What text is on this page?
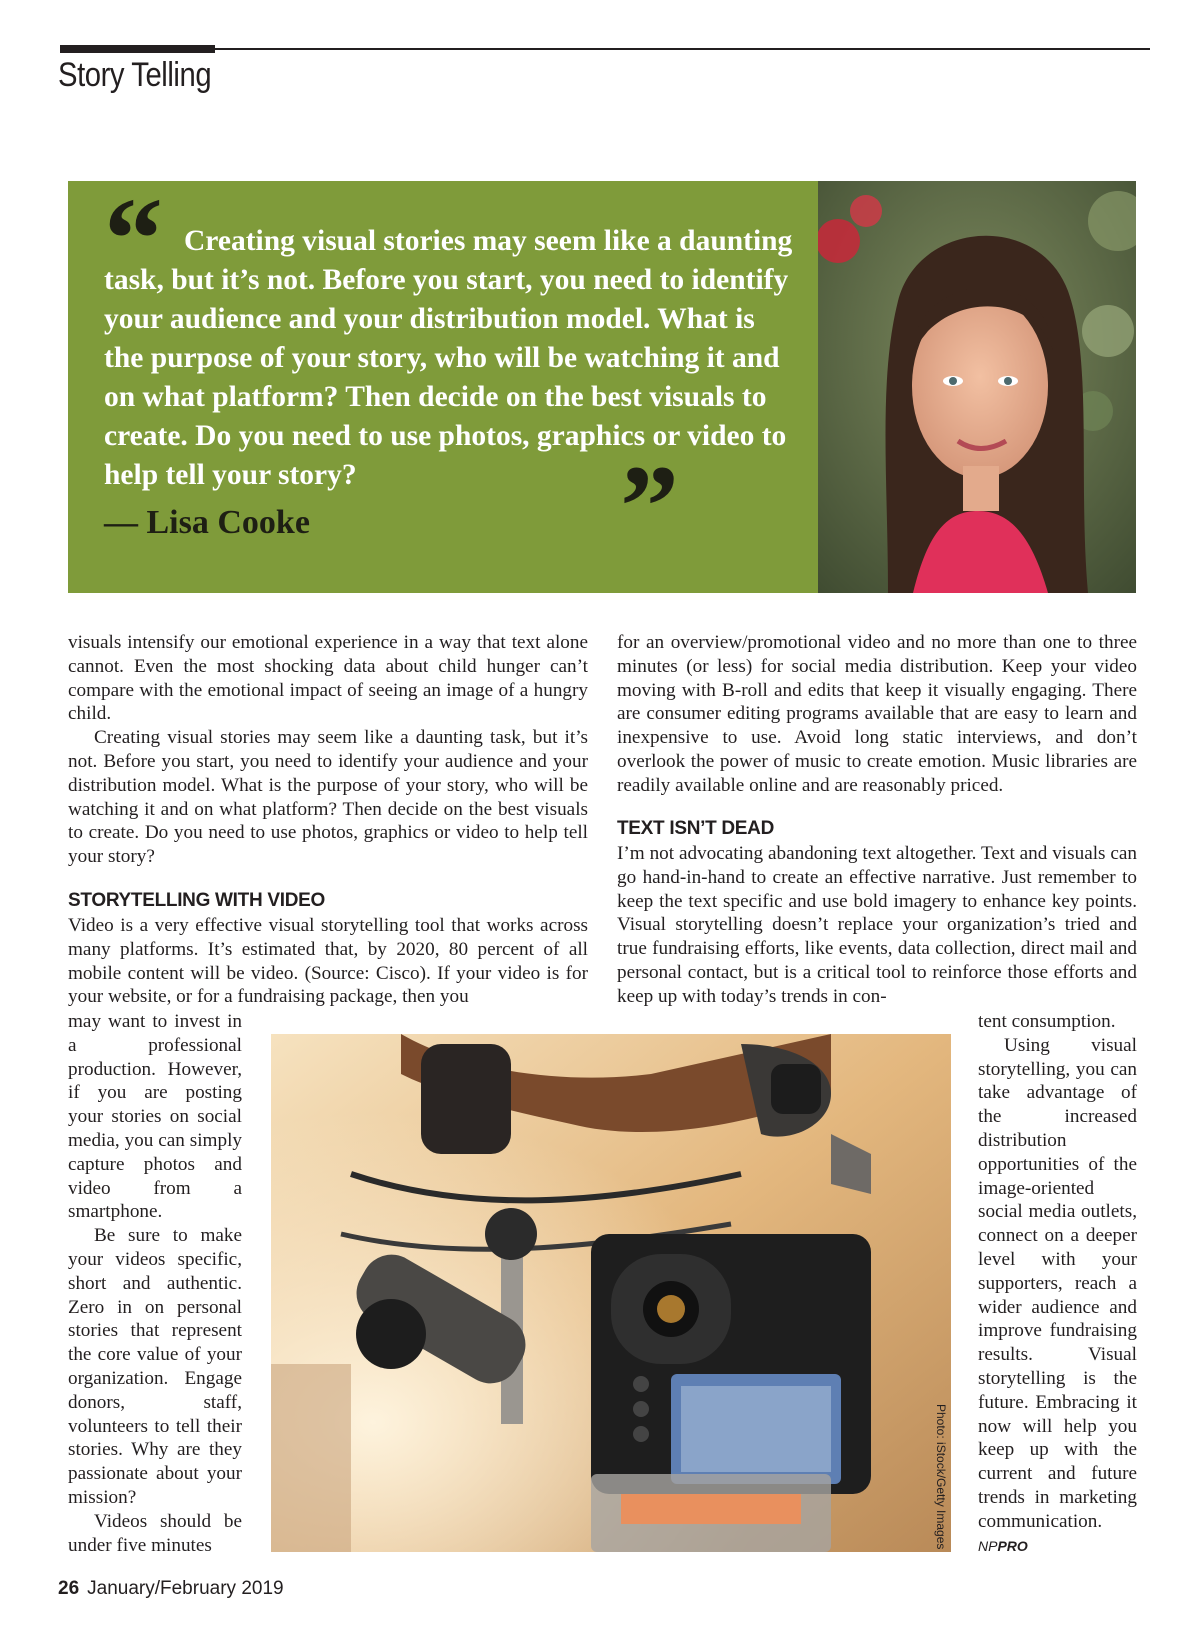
Story Telling
“ Creating visual stories may seem like a daunting task, but it’s not. Before you start, you need to identify your audience and your distribution model. What is the purpose of your story, who will be watching it and on what platform? Then decide on the best visuals to create. Do you need to use photos, graphics or video to help tell your story?	”
— Lisa Cooke

visuals intensify our emotional experience in a way that text alone cannot. Even the most shocking data about child hunger can’t compare with the emotional impact of seeing an image of a hungry child.

Creating visual stories may seem like a daunting task, but it’s not. Before you start, you need to identify your audience and your distribution model. What is the purpose of your story, who will be watching it and on what platform? Then decide on the best visuals to create. Do you need to use photos, graphics or video to help tell your story?

STORYTELLING WITH VIDEO

Video is a very effective visual storytelling tool that works across many platforms. It’s estimated that, by 2020, 80 percent of all mobile content will be video. (Source: Cisco). If your video is for your website, or for a fundraising package, then you

may want to invest in a professional production. However, if you are posting your stories on social media, you can simply capture photos and video from a smartphone.

Be sure to make your videos specific, short and authentic. Zero in on personal stories that represent the core value of your organization. Engage donors, staff, volunteers to tell their stories. Why are they passionate about your mission?

Videos should be under five minutes

for an overview/promotional video and no more than one to three minutes (or less) for social media distribution. Keep your video moving with B-roll and edits that keep it visually engaging. There are consumer editing programs available that are easy to learn and inexpensive to use. Avoid long static interviews, and don’t overlook the power of music to create emotion. Music libraries are readily available online and are reasonably priced.

TEXT ISN’T DEAD

I’m not advocating abandoning text altogether. Text and visuals can go hand-in-hand to create an effective narrative. Just remember to keep the text specific and use bold imagery to enhance key points. Visual storytelling doesn’t replace your organization’s tried and true fundraising efforts, like events, data collection, direct mail and personal contact, but is a critical tool to reinforce those efforts and keep up with today’s trends in con-

tent consumption.

Using visual storytelling, you can take advantage of the increased distribution opportunities of the image-oriented social media outlets, connect on a deeper level with your supporters, reach a wider audience and improve fundraising results. Visual storytelling is the future. Embracing it now will help you keep up with the current and future trends in marketing communication. NPPRO

Photo: iStock/Getty Images
26 January/February 2019
